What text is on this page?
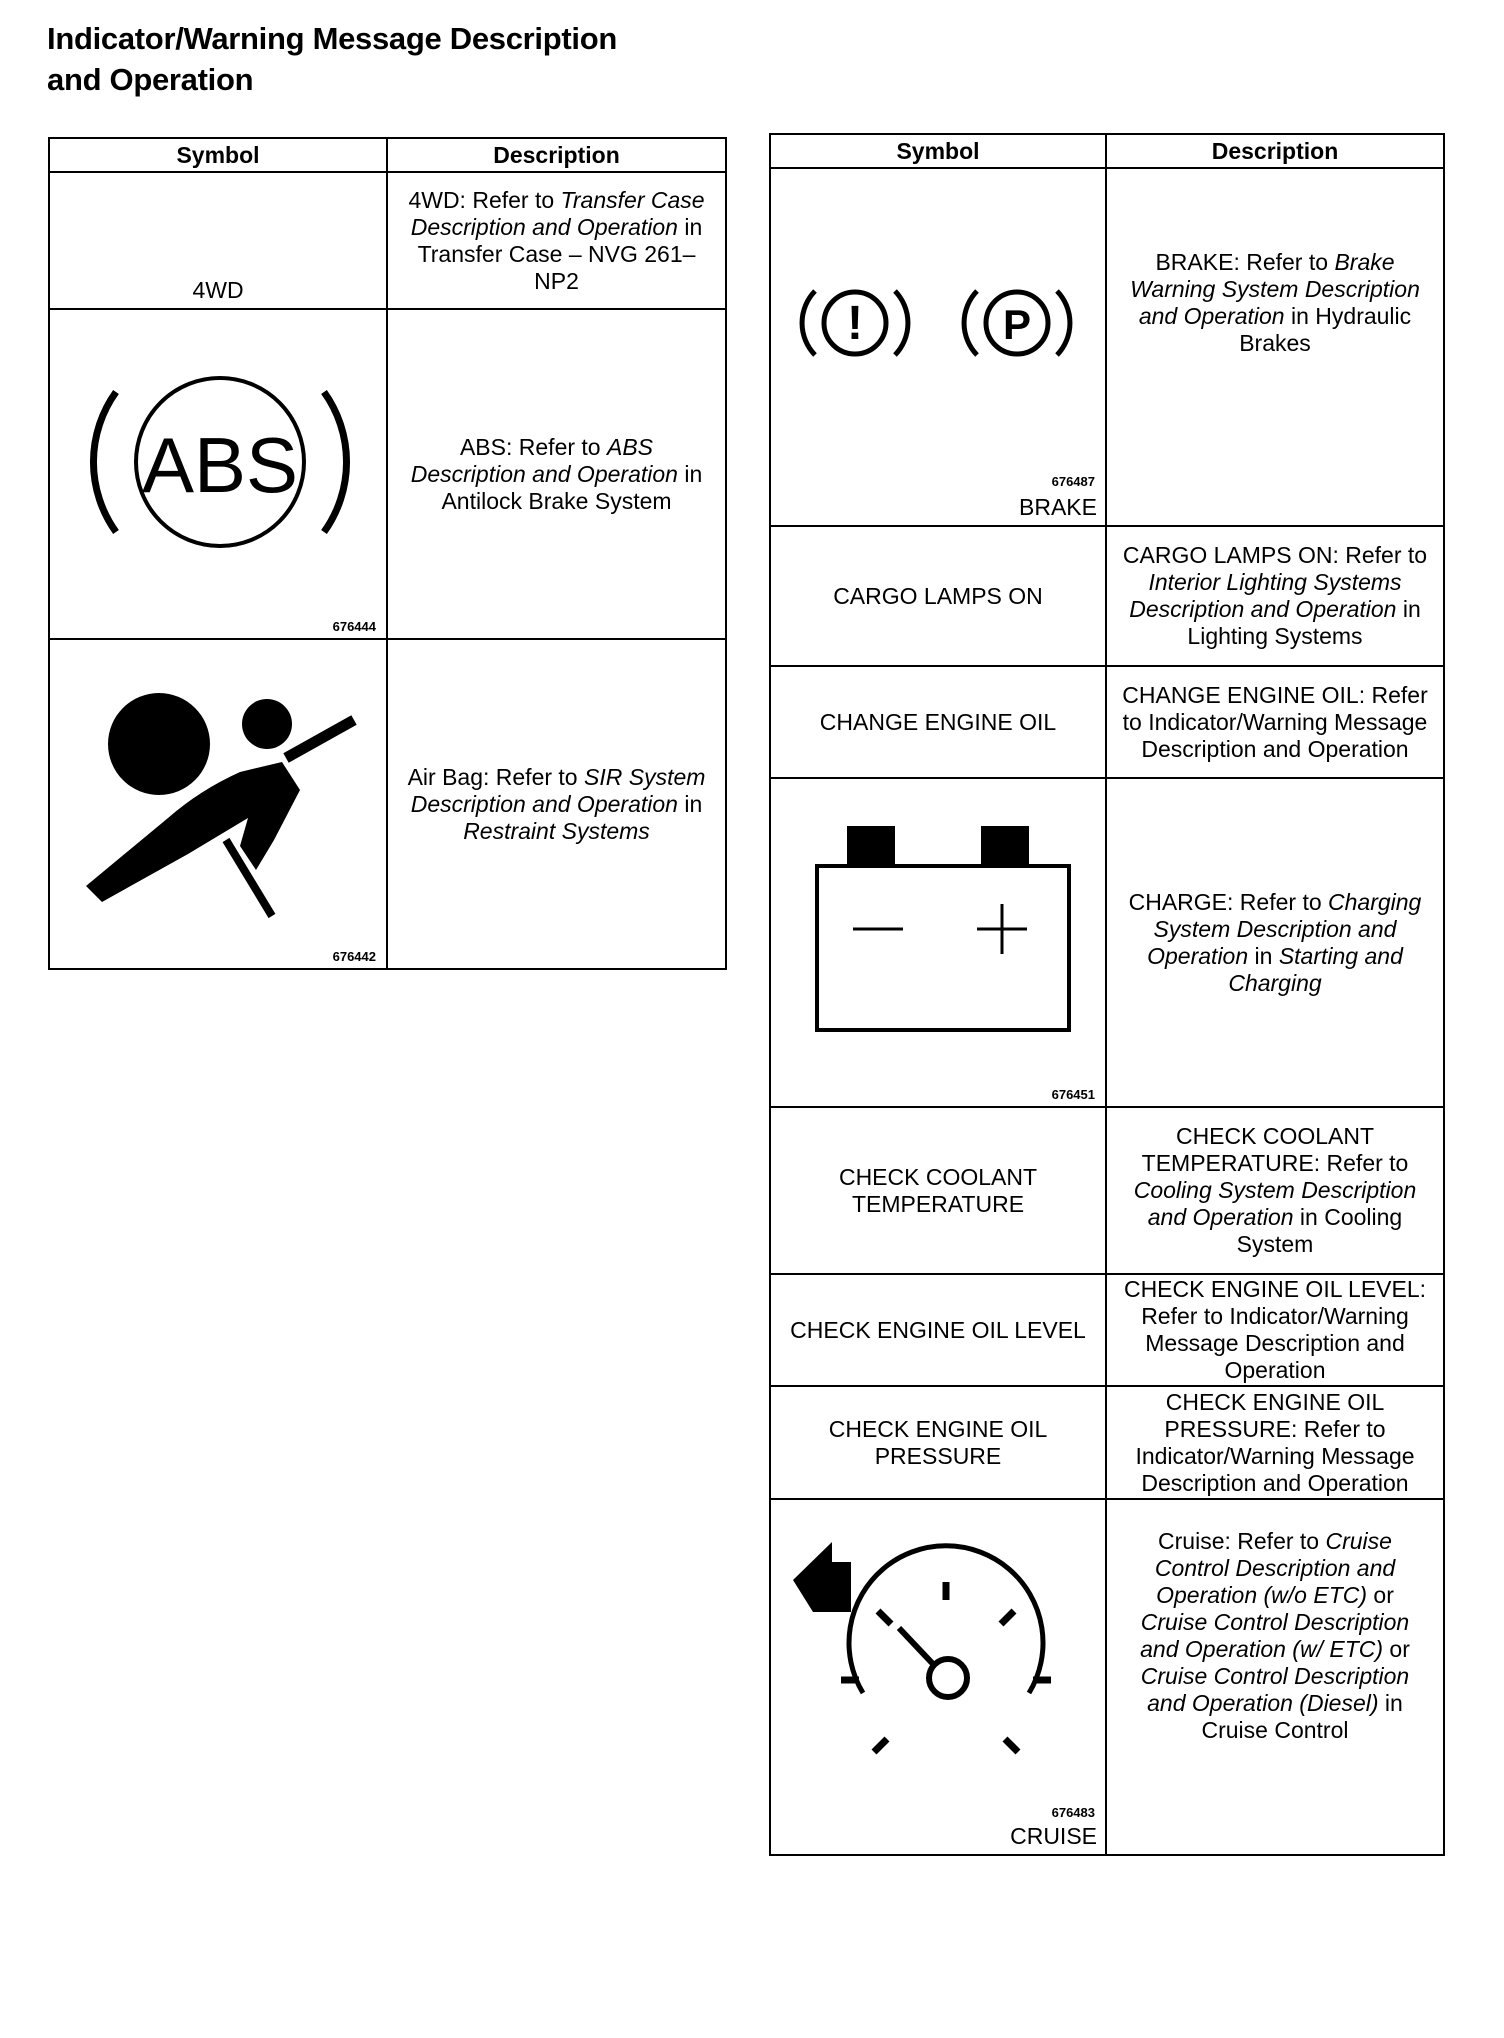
Indicator/Warning Message Description
and Operation
Symbol	Description

4WD	4WD: Refer to Transfer Case Description and Operation in Transfer Case – NVG 261–NP2

ABS
676444	ABS: Refer to ABS Description and Operation in Antilock Brake System

676442	Air Bag: Refer to SIR System Description and Operation in Restraint Systems
Symbol	Description

! P
676487
BRAKE	BRAKE: Refer to Brake Warning System Description and Operation in Hydraulic Brakes

CARGO LAMPS ON	CARGO LAMPS ON: Refer to Interior Lighting Systems Description and Operation in Lighting Systems

CHANGE ENGINE OIL	CHANGE ENGINE OIL: Refer to Indicator/Warning Message Description and Operation

676451	CHARGE: Refer to Charging System Description and Operation in Starting and Charging

CHECK COOLANT TEMPERATURE	CHECK COOLANT TEMPERATURE: Refer to Cooling System Description and Operation in Cooling System

CHECK ENGINE OIL LEVEL	CHECK ENGINE OIL LEVEL: Refer to Indicator/Warning Message Description and Operation

CHECK ENGINE OIL PRESSURE	CHECK ENGINE OIL PRESSURE: Refer to Indicator/Warning Message Description and Operation

676483
CRUISE	Cruise: Refer to Cruise Control Description and Operation (w/o ETC) or Cruise Control Description and Operation (w/ ETC) or Cruise Control Description and Operation (Diesel) in Cruise Control
